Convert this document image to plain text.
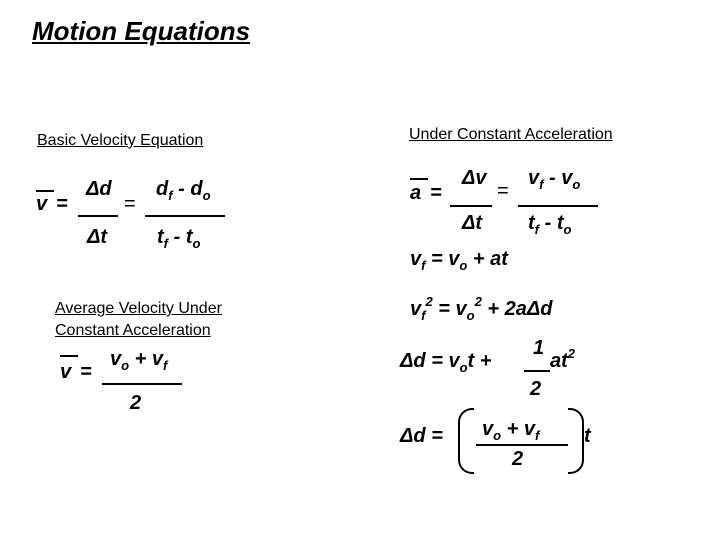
Motion Equations
Basic Velocity Equation
v =
Δd
Δt
=
$d_f - d_o$
$t_f - t_o$
Average Velocity Under
Constant Acceleration
v =
$v_o + v_f$
2
Under Constant Acceleration
a =
Δv
Δt
=
$v_f - v_o$
$t_f - t_o$
$v_f = v_o$ + at
$v_f^2 = v_o^2 + 2a\Delta d$
$\Delta d = v_ot$ +
1
2
$at^2$
$\Delta d = v_o + v_f$
2
t
